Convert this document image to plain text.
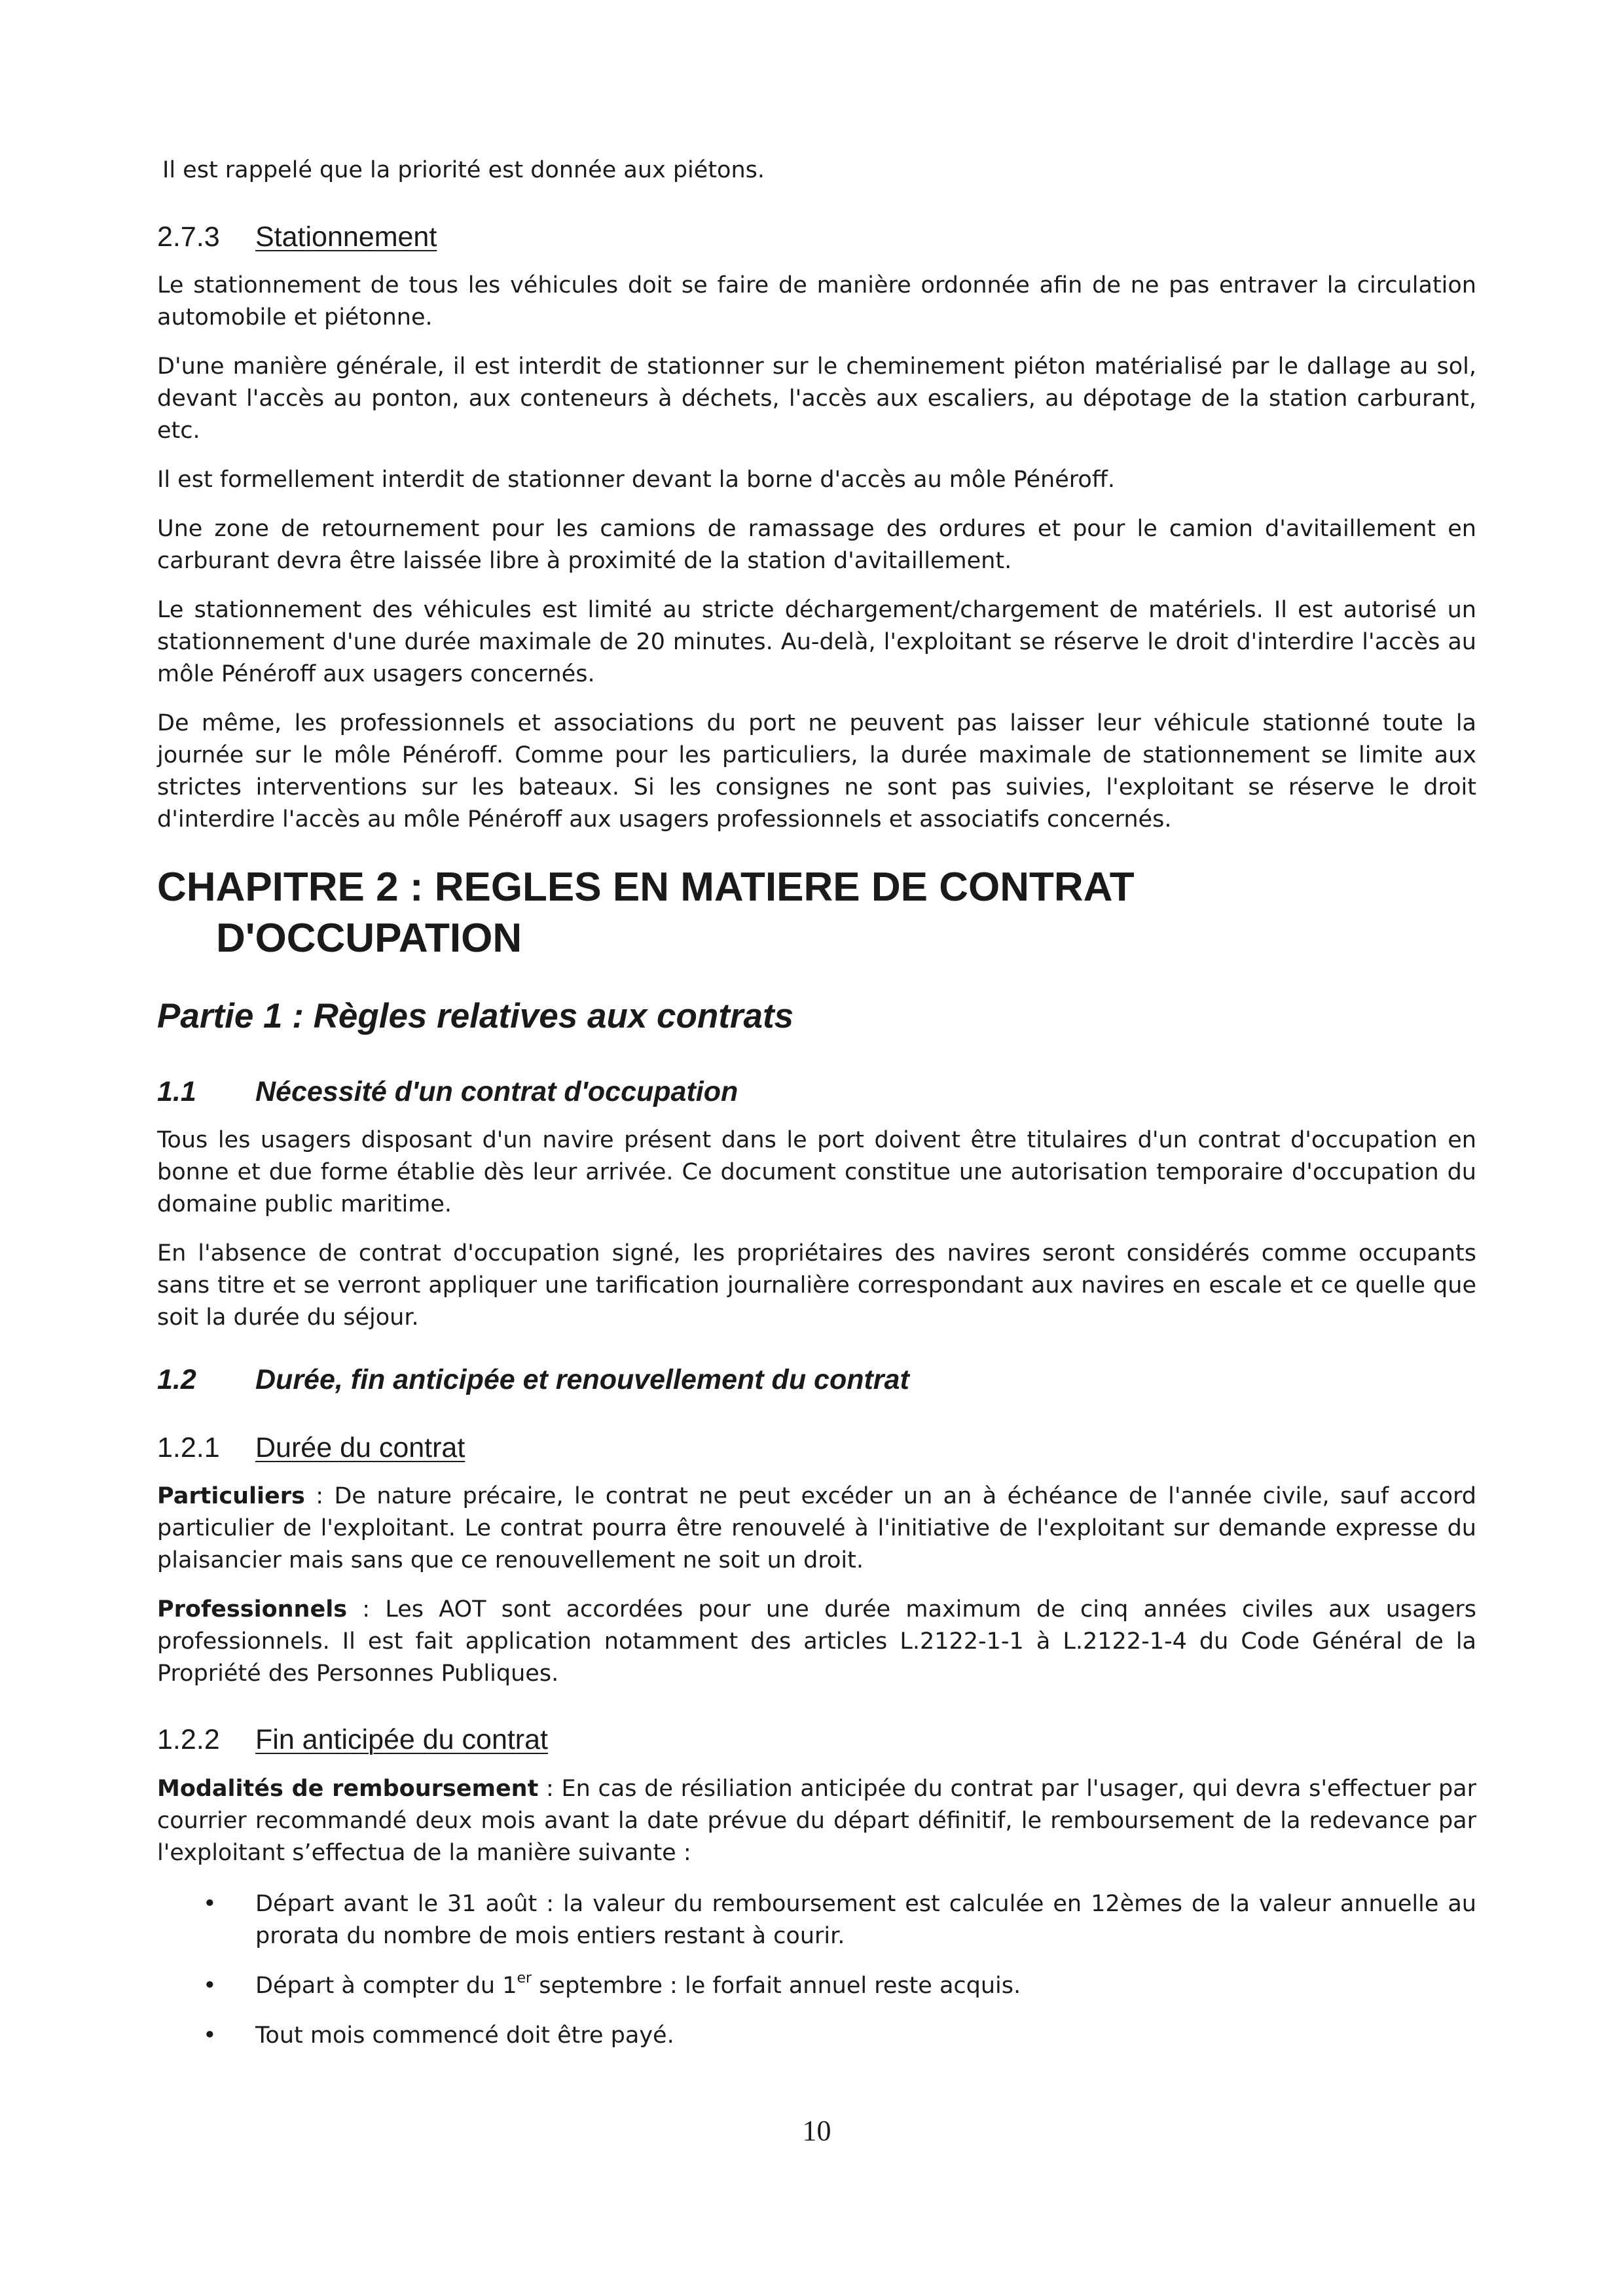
Il est rappelé que la priorité est donnée aux piétons.

2.7.3 Stationnement

Le stationnement de tous les véhicules doit se faire de manière ordonnée afin de ne pas entraver la circulation automobile et piétonne.

D'une manière générale, il est interdit de stationner sur le cheminement piéton matérialisé par le dallage au sol, devant l'accès au ponton, aux conteneurs à déchets, l'accès aux escaliers, au dépotage de la station carburant, etc.

Il est formellement interdit de stationner devant la borne d'accès au môle Pénéroff.

Une zone de retournement pour les camions de ramassage des ordures et pour le camion d'avitaillement en carburant devra être laissée libre à proximité de la station d'avitaillement.

Le stationnement des véhicules est limité au stricte déchargement/chargement de matériels. Il est autorisé un stationnement d'une durée maximale de 20 minutes. Au-delà, l'exploitant se réserve le droit d'interdire l'accès au môle Pénéroff aux usagers concernés.

De même, les professionnels et associations du port ne peuvent pas laisser leur véhicule stationné toute la journée sur le môle Pénéroff. Comme pour les particuliers, la durée maximale de stationnement se limite aux strictes interventions sur les bateaux. Si les consignes ne sont pas suivies, l'exploitant se réserve le droit d'interdire l'accès au môle Pénéroff aux usagers professionnels et associatifs concernés.

CHAPITRE 2 : REGLES EN MATIERE DE CONTRAT
D'OCCUPATION
Partie 1 : Règles relatives aux contrats
1.1 Nécessité d'un contrat d'occupation

Tous les usagers disposant d'un navire présent dans le port doivent être titulaires d'un contrat d'occupation en bonne et due forme établie dès leur arrivée. Ce document constitue une autorisation temporaire d'occupation du domaine public maritime.

En l'absence de contrat d'occupation signé, les propriétaires des navires seront considérés comme occupants sans titre et se verront appliquer une tarification journalière correspondant aux navires en escale et ce quelle que soit la durée du séjour.

1.2 Durée, fin anticipée et renouvellement du contrat
1.2.1 Durée du contrat

Particuliers : De nature précaire, le contrat ne peut excéder un an à échéance de l'année civile, sauf accord particulier de l'exploitant. Le contrat pourra être renouvelé à l'initiative de l'exploitant sur demande expresse du plaisancier mais sans que ce renouvellement ne soit un droit.

Professionnels : Les AOT sont accordées pour une durée maximum de cinq années civiles aux usagers professionnels. Il est fait application notamment des articles L.2122-1-1 à L.2122-1-4 du Code Général de la Propriété des Personnes Publiques.

1.2.2 Fin anticipée du contrat

Modalités de remboursement : En cas de résiliation anticipée du contrat par l'usager, qui devra s'effectuer par courrier recommandé deux mois avant la date prévue du départ définitif, le remboursement de la redevance par l'exploitant s’effectua de la manière suivante :

• Départ avant le 31 août : la valeur du remboursement est calculée en 12èmes de la valeur annuelle au prorata du nombre de mois entiers restant à courir.
• Départ à compter du 1er septembre : le forfait annuel reste acquis.
• Tout mois commencé doit être payé.
10
